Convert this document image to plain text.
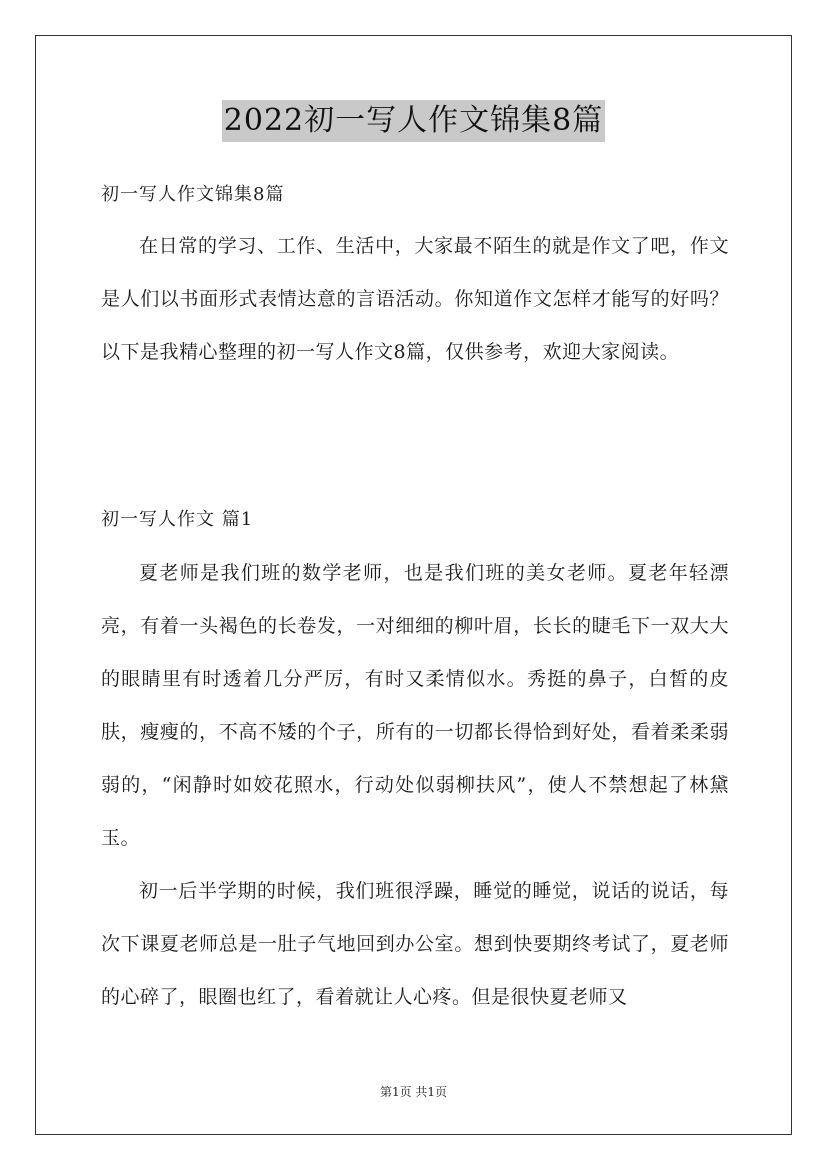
2022初一写人作文锦集8篇
初一写人作文锦集8篇
在日常的学习、工作、生活中，大家最不陌生的就是作文了吧，作文是人们以书面形式表情达意的言语活动。你知道作文怎样才能写的好吗？以下是我精心整理的初一写人作文8篇，仅供参考，欢迎大家阅读。
初一写人作文 篇1
夏老师是我们班的数学老师，也是我们班的美女老师。夏老年轻漂亮，有着一头褐色的长卷发，一对细细的柳叶眉，长长的睫毛下一双大大的眼睛里有时透着几分严厉，有时又柔情似水。秀挺的鼻子，白皙的皮肤，瘦瘦的，不高不矮的个子，所有的一切都长得恰到好处，看着柔柔弱弱的，“闲静时如姣花照水，行动处似弱柳扶风”，使人不禁想起了林黛玉。
初一后半学期的时候，我们班很浮躁，睡觉的睡觉，说话的说话，每次下课夏老师总是一肚子气地回到办公室。想到快要期终考试了，夏老师的心碎了，眼圈也红了，看着就让人心疼。但是很快夏老师又
第1页 共1页
